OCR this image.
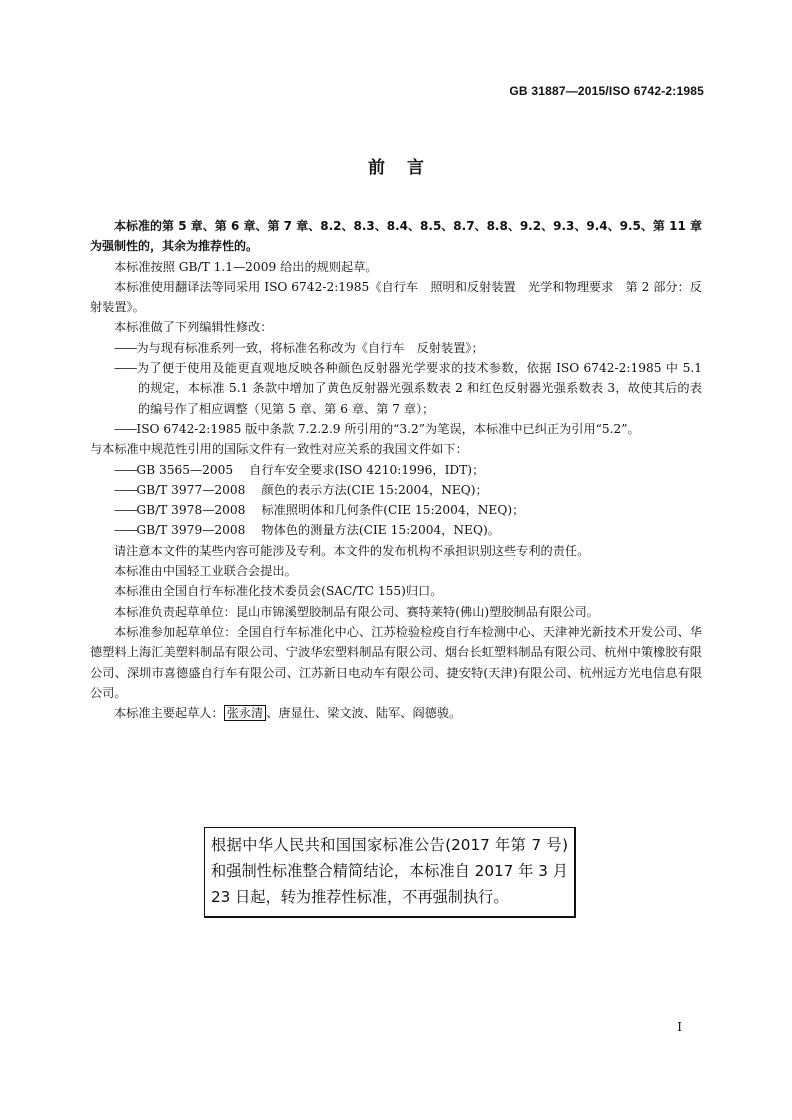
GB 31887—2015/ISO 6742-2:1985
前言
本标准的第 5 章、第 6 章、第 7 章、8.2、8.3、8.4、8.5、8.7、8.8、9.2、9.3、9.4、9.5、第 11 章为强制性的，其余为推荐性的。
本标准按照 GB/T 1.1—2009 给出的规则起草。
本标准使用翻译法等同采用 ISO 6742-2:1985《自行车　照明和反射装置　光学和物理要求　第 2 部分：反射装置》。
本标准做了下列编辑性修改：
——为与现有标准系列一致，将标准名称改为《自行车　反射装置》；
——为了便于使用及能更直观地反映各种颜色反射器光学要求的技术参数，依据 ISO 6742-2:1985 中 5.1 的规定，本标准 5.1 条款中增加了黄色反射器光强系数表 2 和红色反射器光强系数表 3，故使其后的表的编号作了相应调整（见第 5 章、第 6 章、第 7 章）；
——ISO 6742-2:1985 版中条款 7.2.2.9 所引用的“3.2”为笔误，本标准中已纠正为引用“5.2”。
与本标准中规范性引用的国际文件有一致性对应关系的我国文件如下：
——GB 3565—2005 自行车安全要求(ISO 4210:1996，IDT)；
——GB/T 3977—2008 颜色的表示方法(CIE 15:2004，NEQ)；
——GB/T 3978—2008 标准照明体和几何条件(CIE 15:2004，NEQ)；
——GB/T 3979—2008 物体色的测量方法(CIE 15:2004，NEQ)。
请注意本文件的某些内容可能涉及专利。本文件的发布机构不承担识别这些专利的责任。
本标准由中国轻工业联合会提出。
本标准由全国自行车标准化技术委员会(SAC/TC 155)归口。
本标准负责起草单位：昆山市锦溪塑胶制品有限公司、赛特莱特(佛山)塑胶制品有限公司。
本标准参加起草单位：全国自行车标准化中心、江苏检验检疫自行车检测中心、天津神光新技术开发公司、华德塑料上海汇美塑料制品有限公司、宁波华宏塑料制品有限公司、烟台长虹塑料制品有限公司、杭州中策橡胶有限公司、深圳市喜德盛自行车有限公司、江苏新日电动车有限公司、捷安特(天津)有限公司、杭州远方光电信息有限公司。
本标准主要起草人： 张永清 、唐显仕、梁文波、陆军、阎德骏。
根据中华人民共和国国家标准公告(2017 年第 7 号)和强制性标准整合精简结论，本标准自 2017 年 3 月 23 日起，转为推荐性标准，不再强制执行。
I
